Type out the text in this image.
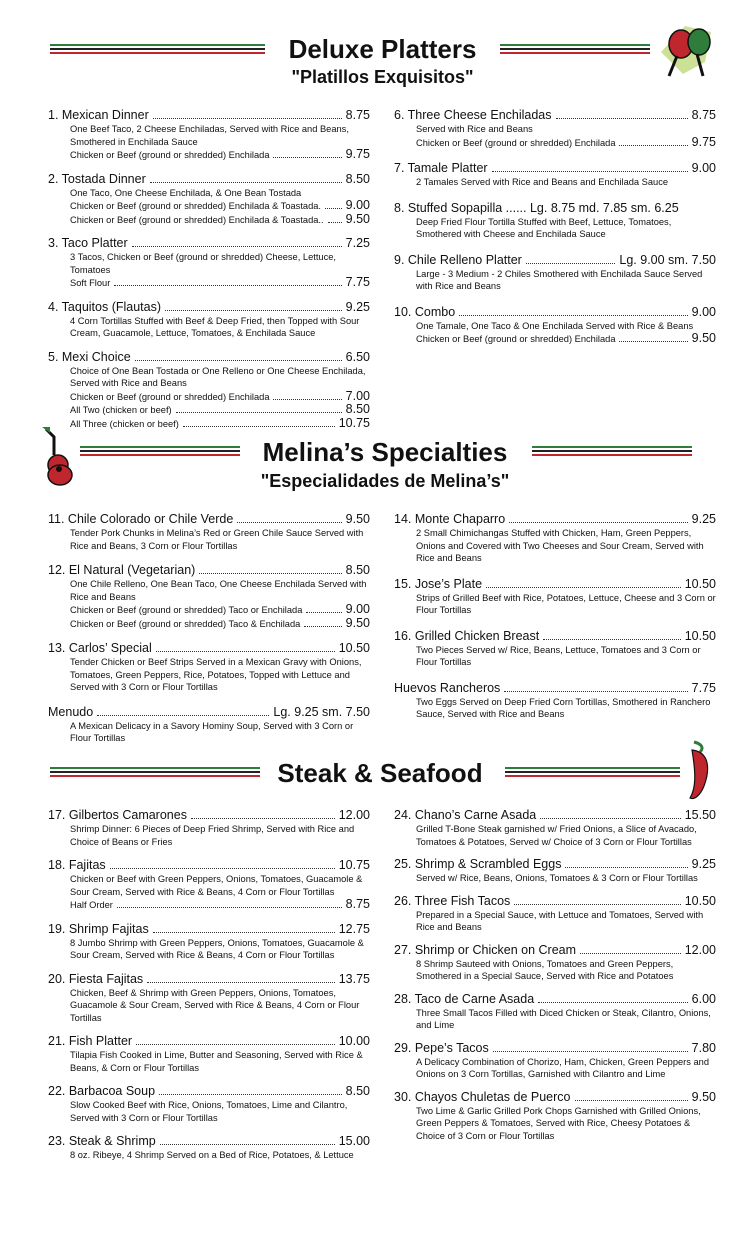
Deluxe Platters
"Platillos Exquisitos"
1. Mexican Dinner	8.75
One Beef Taco, 2 Cheese Enchiladas, Served with Rice and Beans, Smothered in Enchilada Sauce
Chicken or Beef (ground or shredded) Enchilada	9.75
2. Tostada Dinner	8.50
One Taco, One Cheese Enchilada, & One Bean Tostada
Chicken or Beef (ground or shredded) Enchilada & Toastada. 9.00
Chicken or Beef (ground or shredded) Enchilada & Toastada.. 9.50
3. Taco Platter	7.25
3 Tacos, Chicken or Beef (ground or shredded) Cheese, Lettuce, Tomatoes
Soft Flour	7.75
4. Taquitos (Flautas)	9.25
4 Corn Tortillas Stuffed with Beef & Deep Fried, then Topped with Sour Cream, Guacamole, Lettuce, Tomatoes, & Enchilada Sauce
5. Mexi Choice	6.50
Choice of One Bean Tostada or One Relleno or One Cheese Enchilada, Served with Rice and Beans
Chicken or Beef (ground or shredded) Enchilada	7.00
All Two (chicken or beef)	8.50
All Three (chicken or beef)	10.75
6. Three Cheese Enchiladas	8.75
Served with Rice and Beans
Chicken or Beef (ground or shredded) Enchilada	9.75
7. Tamale Platter	9.00
2 Tamales Served with Rice and Beans and Enchilada Sauce
8. Stuffed Sopapilla ...... Lg. 8.75 md. 7.85 sm. 6.25
Deep Fried Flour Tortilla Stuffed with Beef, Lettuce, Tomatoes, Smothered with Cheese and Enchilada Sauce
9. Chile Relleno Platter	Lg. 9.00 sm. 7.50
Large - 3 Medium - 2 Chiles Smothered with Enchilada Sauce Served with Rice and Beans
10. Combo	9.00
One Tamale, One Taco & One Enchilada Served with Rice & Beans
Chicken or Beef (ground or shredded) Enchilada	9.50
Melina’s Specialties
"Especialidades de Melina’s"
11. Chile Colorado or Chile Verde	9.50
Tender Pork Chunks in Melina’s Red or Green Chile Sauce Served with Rice and Beans, 3 Corn or Flour Tortillas
12. El Natural (Vegetarian)	8.50
One Chile Relleno, One Bean Taco, One Cheese Enchilada Served with Rice and Beans
Chicken or Beef (ground or shredded) Taco or Enchilada	9.00
Chicken or Beef (ground or shredded) Taco & Enchilada	9.50
13. Carlos’ Special	10.50
Tender Chicken or Beef Strips Served in a Mexican Gravy with Onions, Tomatoes, Green Peppers, Rice, Potatoes, Topped with Lettuce and Served with 3 Corn or Flour Tortillas
Menudo	Lg. 9.25 sm. 7.50
A Mexican Delicacy in a Savory Hominy Soup, Served with 3 Corn or Flour Tortillas
14. Monte Chaparro	9.25
2 Small Chimichangas Stuffed with Chicken, Ham, Green Peppers, Onions and Covered with Two Cheeses and Sour Cream, Served with Rice and Beans
15. Jose’s Plate	10.50
Strips of Grilled Beef with Rice, Potatoes, Lettuce, Cheese and 3 Corn or Flour Tortillas
16. Grilled Chicken Breast	10.50
Two Pieces Served w/ Rice, Beans, Lettuce, Tomatoes and 3 Corn or Flour Tortillas
Huevos Rancheros	7.75
Two Eggs Served on Deep Fried Corn Tortillas, Smothered in Ranchero Sauce, Served with Rice and Beans
Steak & Seafood
17. Gilbertos Camarones	12.00
Shrimp Dinner: 6 Pieces of Deep Fried Shrimp, Served with Rice and Choice of Beans or Fries
18. Fajitas	10.75
Chicken or Beef with Green Peppers, Onions, Tomatoes, Guacamole & Sour Cream, Served with Rice & Beans, 4 Corn or Flour Tortillas
Half Order	8.75
19. Shrimp Fajitas	12.75
8 Jumbo Shrimp with Green Peppers, Onions, Tomatoes, Guacamole & Sour Cream, Served with Rice & Beans, 4 Corn or Flour Tortillas
20. Fiesta Fajitas	13.75
Chicken, Beef & Shrimp with Green Peppers, Onions, Tomatoes, Guacamole & Sour Cream, Served with Rice & Beans, 4 Corn or Flour Tortillas
21. Fish Platter	10.00
Tilapia Fish Cooked in Lime, Butter and Seasoning, Served with Rice & Beans, & Corn or Flour Tortillas
22. Barbacoa Soup	8.50
Slow Cooked Beef with Rice, Onions, Tomatoes, Lime and Cilantro, Served with 3 Corn or Flour Tortillas
23. Steak & Shrimp	15.00
8 oz. Ribeye, 4 Shrimp Served on a Bed of Rice, Potatoes, & Lettuce
24. Chano’s Carne Asada	15.50
Grilled T-Bone Steak garnished w/ Fried Onions, a Slice of Avacado, Tomatoes & Potatoes, Served w/ Choice of 3 Corn or Flour Tortillas
25. Shrimp & Scrambled Eggs	9.25
Served w/ Rice, Beans, Onions, Tomatoes & 3 Corn or Flour Tortillas
26. Three Fish Tacos	10.50
Prepared in a Special Sauce, with Lettuce and Tomatoes, Served with Rice and Beans
27. Shrimp or Chicken on Cream	12.00
8 Shrimp Sauteed with Onions, Tomatoes and Green Peppers, Smothered in a Special Sauce, Served with Rice and Potatoes
28. Taco de Carne Asada	6.00
Three Small Tacos Filled with Diced Chicken or Steak, Cilantro, Onions, and Lime
29. Pepe’s Tacos	7.80
A Delicacy Combination of Chorizo, Ham, Chicken, Green Peppers and Onions on 3 Corn Tortillas, Garnished with Cilantro and Lime
30. Chayos Chuletas de Puerco	9.50
Two Lime & Garlic Grilled Pork Chops Garnished with Grilled Onions, Green Peppers & Tomatoes, Served with Rice, Cheesy Potatoes & Choice of 3 Corn or Flour Tortillas
